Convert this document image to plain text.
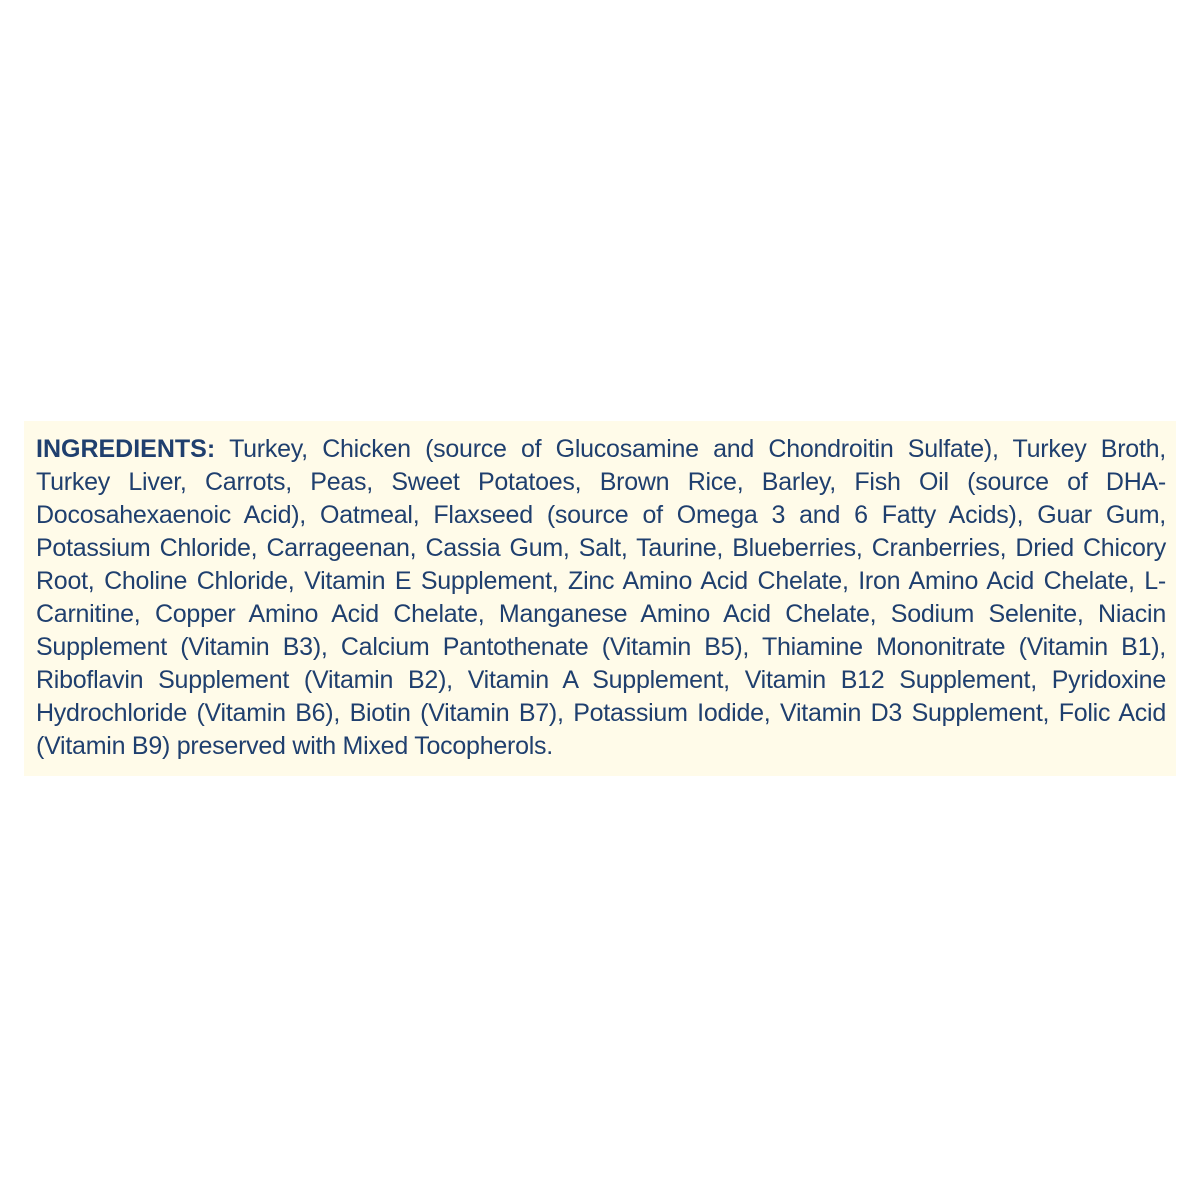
INGREDIENTS: Turkey, Chicken (source of Glucosamine and Chondroitin Sulfate), Turkey Broth, Turkey Liver, Carrots, Peas, Sweet Potatoes, Brown Rice, Barley, Fish Oil (source of DHA-Docosahexaenoic Acid), Oatmeal, Flaxseed (source of Omega 3 and 6 Fatty Acids), Guar Gum, Potassium Chloride, Carrageenan, Cassia Gum, Salt, Taurine, Blueberries, Cranberries, Dried Chicory Root, Choline Chloride, Vitamin E Supplement, Zinc Amino Acid Chelate, Iron Amino Acid Chelate, L-Carnitine, Copper Amino Acid Chelate, Manganese Amino Acid Chelate, Sodium Selenite, Niacin Supplement (Vitamin B3), Calcium Pantothenate (Vitamin B5), Thiamine Mononitrate (Vitamin B1), Riboflavin Supplement (Vitamin B2), Vitamin A Supplement, Vitamin B12 Supplement, Pyridoxine Hydrochloride (Vitamin B6), Biotin (Vitamin B7), Potassium Iodide, Vitamin D3 Supplement, Folic Acid (Vitamin B9) preserved with Mixed Tocopherols.
